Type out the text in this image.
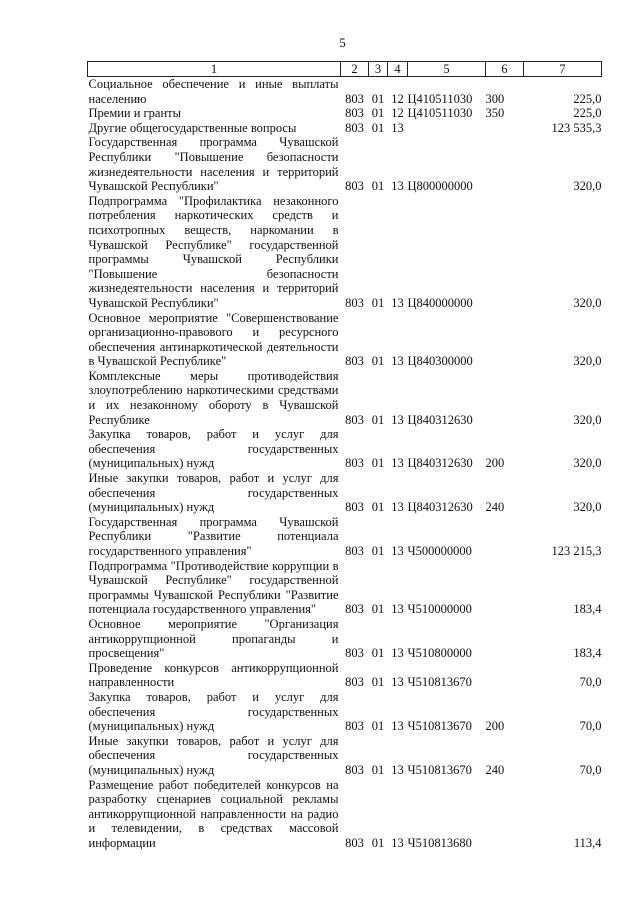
5
1	2	3	4	5	6	7
Социальное обеспечение и иные выплаты населению	803	01	12	Ц410511030	300	225,0
Премии и гранты	803	01	12	Ц410511030	350	225,0
Другие общегосударственные вопросы	803	01	13			123 535,3
Государственная программа Чувашской Республики "Повышение безопасности жизнедеятельности населения и территорий Чувашской Республики"	803	01	13	Ц800000000		320,0
Подпрограмма "Профилактика незаконного потребления наркотических средств и психотропных веществ, наркомании в Чувашской Республике" государственной программы Чувашской Республики "Повышение безопасности жизнедеятельности населения и территорий Чувашской Республики"	803	01	13	Ц840000000		320,0
Основное мероприятие "Совершенствование организационно-правового и ресурсного обеспечения антинаркотической деятельности в Чувашской Республике"	803	01	13	Ц840300000		320,0
Комплексные меры противодействия злоупотреблению наркотическими средствами и их незаконному обороту в Чувашской Республике	803	01	13	Ц840312630		320,0
Закупка товаров, работ и услуг для обеспечения государственных (муниципальных) нужд	803	01	13	Ц840312630	200	320,0
Иные закупки товаров, работ и услуг для обеспечения государственных (муниципальных) нужд	803	01	13	Ц840312630	240	320,0
Государственная программа Чувашской Республики "Развитие потенциала государственного управления"	803	01	13	Ч500000000		123 215,3
Подпрограмма "Противодействие коррупции в Чувашской Республике" государственной программы Чувашской Республики "Развитие потенциала государственного управления"	803	01	13	Ч510000000		183,4
Основное мероприятие "Организация антикоррупционной пропаганды и просвещения"	803	01	13	Ч510800000		183,4
Проведение конкурсов антикоррупционной направленности	803	01	13	Ч510813670		70,0
Закупка товаров, работ и услуг для обеспечения государственных (муниципальных) нужд	803	01	13	Ч510813670	200	70,0
Иные закупки товаров, работ и услуг для обеспечения государственных (муниципальных) нужд	803	01	13	Ч510813670	240	70,0
Размещение работ победителей конкурсов на разработку сценариев социальной рекламы антикоррупционной направленности на радио и телевидении, в средствах массовой информации	803	01	13	Ч510813680		113,4
